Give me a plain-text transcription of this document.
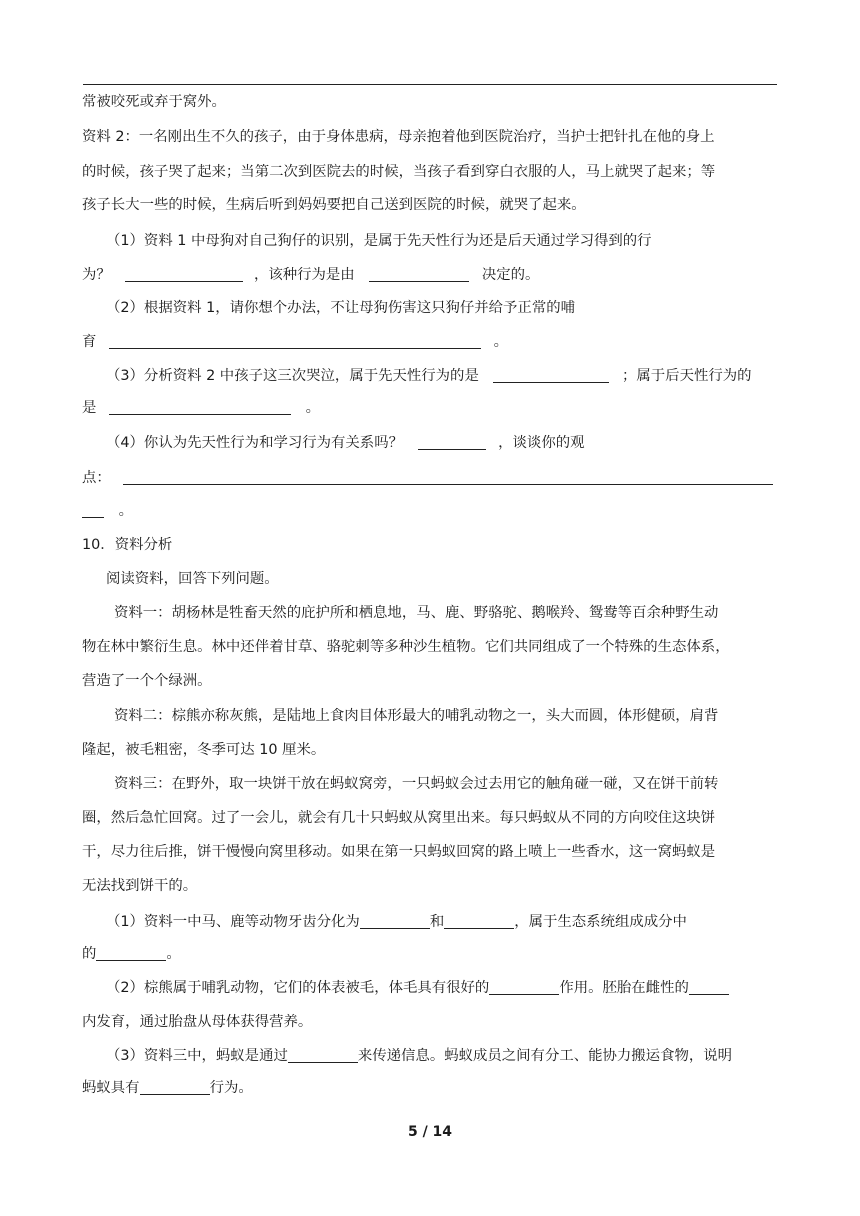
常被咬死或弃于窝外。
资料 2：一名刚出生不久的孩子，由于身体患病，母亲抱着他到医院治疗，当护士把针扎在他的身上
的时候，孩子哭了起来；当第二次到医院去的时候，当孩子看到穿白衣服的人，马上就哭了起来；等
孩子长大一些的时候，生病后听到妈妈要把自己送到医院的时候，就哭了起来。
（1）资料 1 中母狗对自己狗仔的识别，是属于先天性行为还是后天通过学习得到的行
为？	，该种行为是由	决定的。
（2）根据资料 1，请你想个办法，不让母狗伤害这只狗仔并给予正常的哺
育	。
（3）分析资料 2 中孩子这三次哭泣，属于先天性行为的是	；属于后天性行为的
是	。
（4）你认为先天性行为和学习行为有关系吗？	，谈谈你的观
点：
。
10．资料分析
阅读资料，回答下列问题。
资料一：胡杨林是牲畜天然的庇护所和栖息地，马、鹿、野骆驼、鹅喉羚、鸳鸯等百余种野生动
物在林中繁衍生息。林中还伴着甘草、骆驼刺等多种沙生植物。它们共同组成了一个特殊的生态体系，
营造了一个个绿洲。
资料二：棕熊亦称灰熊，是陆地上食肉目体形最大的哺乳动物之一，头大而圆，体形健硕，肩背
隆起，被毛粗密，冬季可达 10 厘米。
资料三：在野外，取一块饼干放在蚂蚁窝旁，一只蚂蚁会过去用它的触角碰一碰，又在饼干前转
圈，然后急忙回窝。过了一会儿，就会有几十只蚂蚁从窝里出来。每只蚂蚁从不同的方向咬住这块饼
干，尽力往后推，饼干慢慢向窝里移动。如果在第一只蚂蚁回窝的路上喷上一些香水，这一窝蚂蚁是
无法找到饼干的。
（1）资料一中马、鹿等动物牙齿分化为	和	，属于生态系统组成成分中
的	。
（2）棕熊属于哺乳动物，它们的体表被毛，体毛具有很好的	作用。胚胎在雌性的
内发育，通过胎盘从母体获得营养。
（3）资料三中，蚂蚁是通过	来传递信息。蚂蚁成员之间有分工、能协力搬运食物，说明
蚂蚁具有	行为。
5 / 14
